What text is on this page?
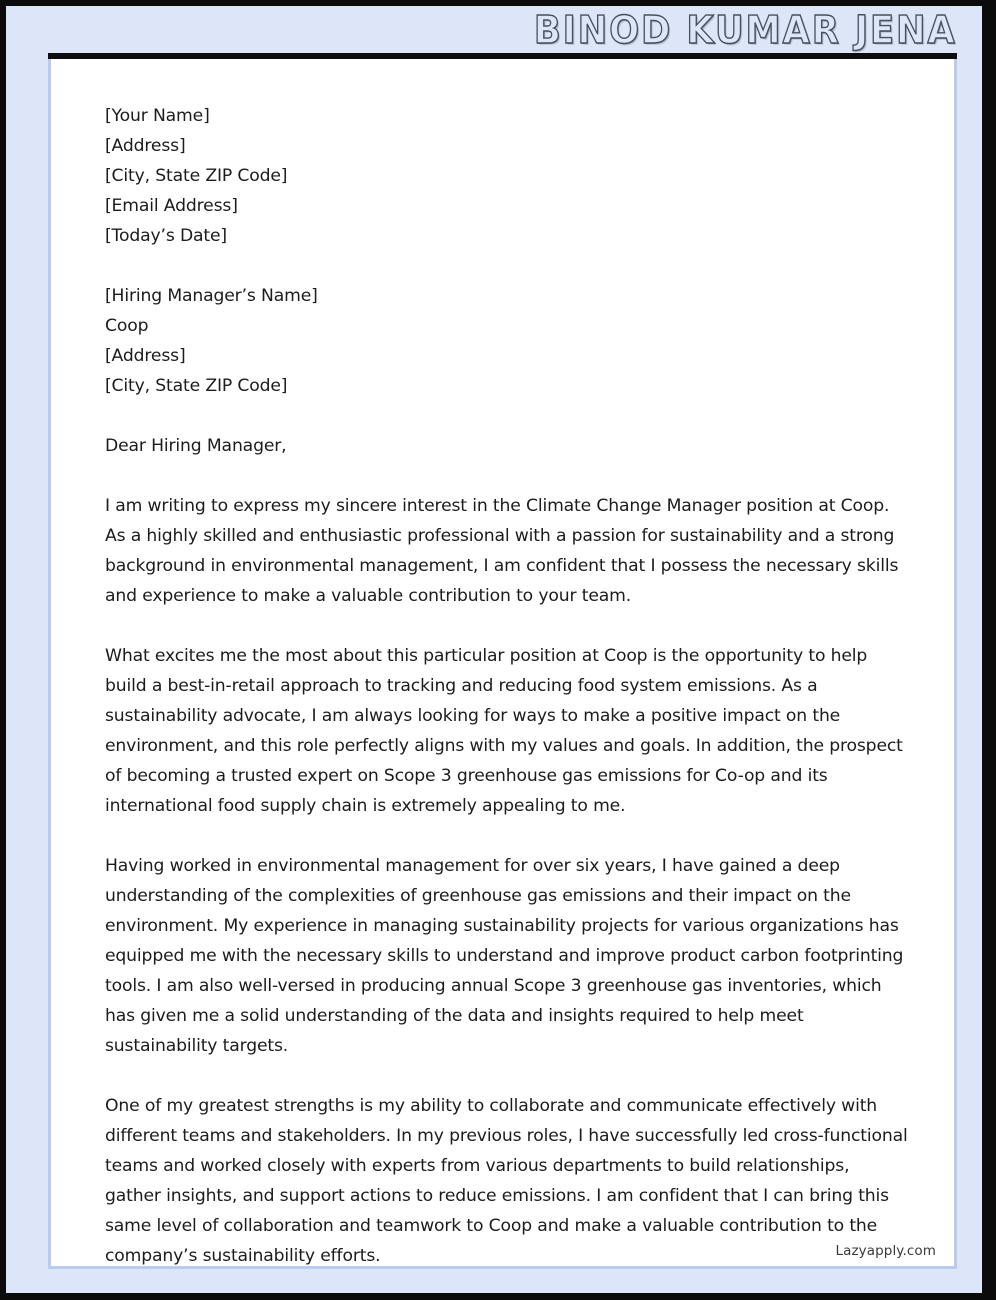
BINOD KUMAR JENA
[Your Name]
[Address]
[City, State ZIP Code]
[Email Address]
[Today’s Date]
[Hiring Manager’s Name]
Coop
[Address]
[City, State ZIP Code]

Dear Hiring Manager,

I am writing to express my sincere interest in the Climate Change Manager position at Coop. As a highly skilled and enthusiastic professional with a passion for sustainability and a strong background in environmental management, I am confident that I possess the necessary skills and experience to make a valuable contribution to your team.

What excites me the most about this particular position at Coop is the opportunity to help build a best-in-retail approach to tracking and reducing food system emissions. As a sustainability advocate, I am always looking for ways to make a positive impact on the environment, and this role perfectly aligns with my values and goals. In addition, the prospect of becoming a trusted expert on Scope 3 greenhouse gas emissions for Co-op and its international food supply chain is extremely appealing to me.

Having worked in environmental management for over six years, I have gained a deep understanding of the complexities of greenhouse gas emissions and their impact on the environment. My experience in managing sustainability projects for various organizations has equipped me with the necessary skills to understand and improve product carbon footprinting tools. I am also well-versed in producing annual Scope 3 greenhouse gas inventories, which has given me a solid understanding of the data and insights required to help meet sustainability targets.

One of my greatest strengths is my ability to collaborate and communicate effectively with different teams and stakeholders. In my previous roles, I have successfully led cross-functional teams and worked closely with experts from various departments to build relationships, gather insights, and support actions to reduce emissions. I am confident that I can bring this same level of collaboration and teamwork to Coop and make a valuable contribution to the company’s sustainability efforts.	Lazyapply.com
